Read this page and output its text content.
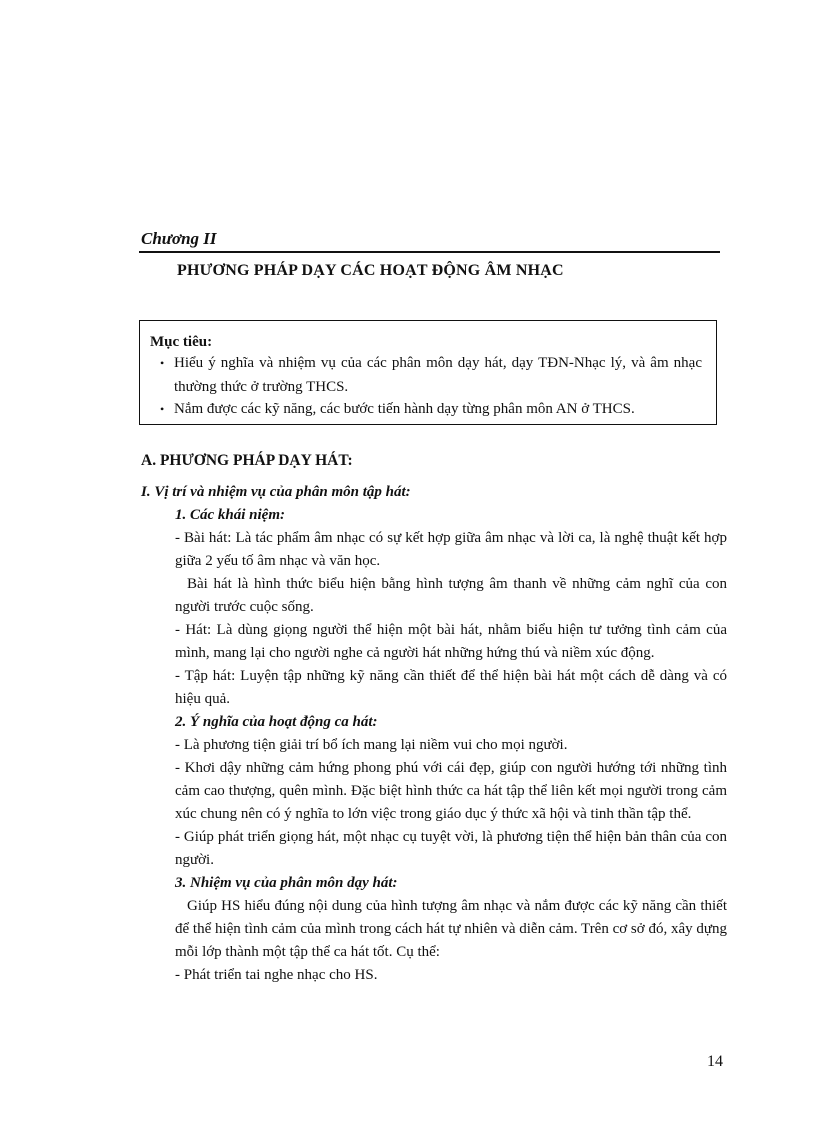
Chương II
PHƯƠNG PHÁP DẠY CÁC HOẠT ĐỘNG ÂM NHẠC
Mục tiêu:
• Hiểu ý nghĩa và nhiệm vụ của các phân môn dạy hát, dạy TĐN-Nhạc lý, và âm nhạc thường thức ở trường THCS.
• Nắm được các kỹ năng, các bước tiến hành dạy từng phân môn AN ở THCS.
A. PHƯƠNG PHÁP DẠY HÁT:

I. Vị trí và nhiệm vụ của phân môn tập hát:

1. Các khái niệm:

- Bài hát: Là tác phẩm âm nhạc có sự kết hợp giữa âm nhạc và lời ca, là nghệ thuật kết hợp giữa 2 yếu tố âm nhạc và văn học.

Bài hát là hình thức biểu hiện bằng hình tượng âm thanh về những cảm nghĩ của con người trước cuộc sống.

- Hát: Là dùng giọng người thể hiện một bài hát, nhằm biểu hiện tư tưởng tình cảm của mình, mang lại cho người nghe cả người hát những hứng thú và niềm xúc động.

- Tập hát: Luyện tập những kỹ năng cần thiết để thể hiện bài hát một cách dễ dàng và có hiệu quả.

2. Ý nghĩa của hoạt động ca hát:

- Là phương tiện giải trí bổ ích mang lại niềm vui cho mọi người.

- Khơi dậy những cảm hứng phong phú với cái đẹp, giúp con người hướng tới những tình cảm cao thượng, quên mình. Đặc biệt hình thức ca hát tập thể liên kết mọi người trong cảm xúc chung nên có ý nghĩa to lớn việc trong giáo dục ý thức xã hội và tinh thần tập thể.

- Giúp phát triển giọng hát, một nhạc cụ tuyệt vời, là phương tiện thể hiện bản thân của con người.

3. Nhiệm vụ của phân môn dạy hát:

Giúp HS hiểu đúng nội dung của hình tượng âm nhạc và nắm được các kỹ năng cần thiết để thể hiện tình cảm của mình trong cách hát tự nhiên và diễn cảm. Trên cơ sở đó, xây dựng mỗi lớp thành một tập thể ca hát tốt. Cụ thể:

- Phát triển tai nghe nhạc cho HS.

14
